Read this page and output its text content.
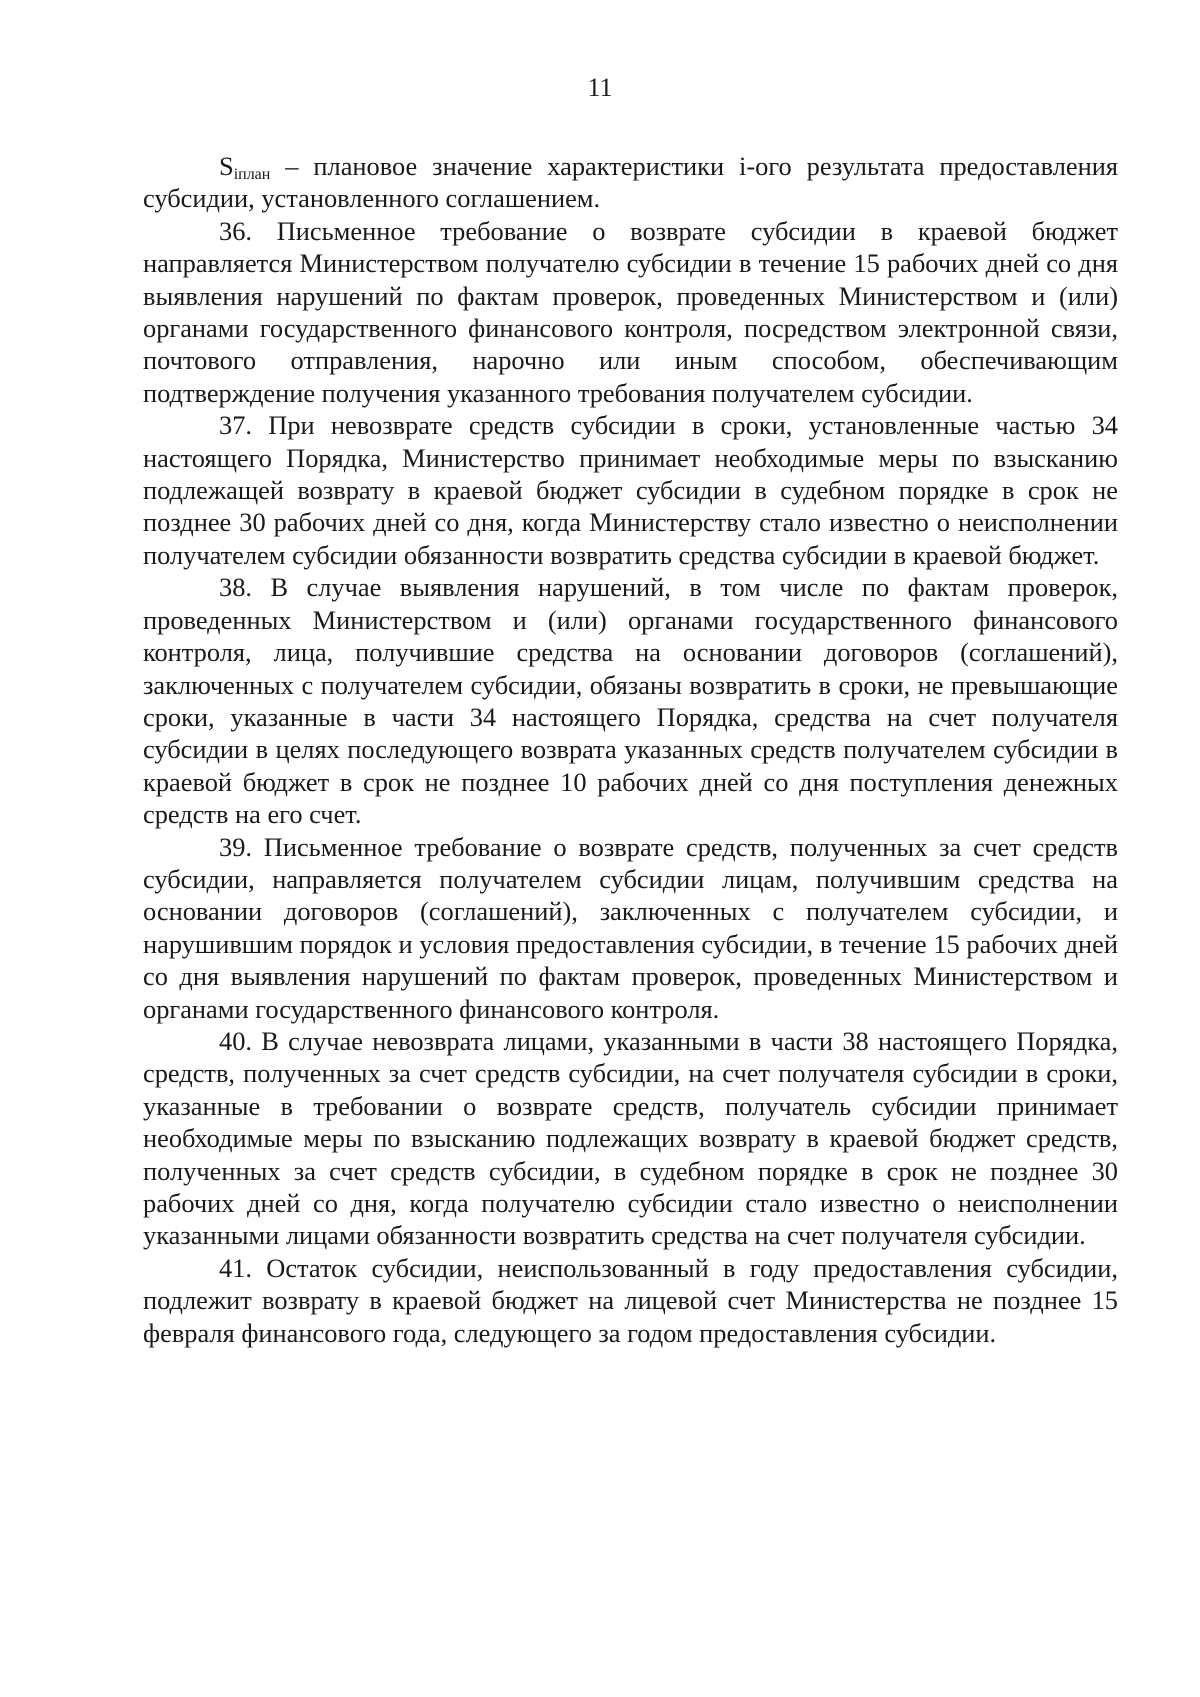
11

$S_{iплан}$ – плановое значение характеристики i-ого результата предоставления субсидии, установленного соглашением.

36. Письменное требование о возврате субсидии в краевой бюджет направляется Министерством получателю субсидии в течение 15 рабочих дней со дня выявления нарушений по фактам проверок, проведенных Министерством и (или) органами государственного финансового контроля, посредством электронной связи, почтового отправления, нарочно или иным способом, обеспечивающим подтверждение получения указанного требования получателем субсидии.

37. При невозврате средств субсидии в сроки, установленные частью 34 настоящего Порядка, Министерство принимает необходимые меры по взысканию подлежащей возврату в краевой бюджет субсидии в судебном порядке в срок не позднее 30 рабочих дней со дня, когда Министерству стало известно о неисполнении получателем субсидии обязанности возвратить средства субсидии в краевой бюджет.

38. В случае выявления нарушений, в том числе по фактам проверок, проведенных Министерством и (или) органами государственного финансового контроля, лица, получившие средства на основании договоров (соглашений), заключенных с получателем субсидии, обязаны возвратить в сроки, не превышающие сроки, указанные в части 34 настоящего Порядка, средства на счет получателя субсидии в целях последующего возврата указанных средств получателем субсидии в краевой бюджет в срок не позднее 10 рабочих дней со дня поступления денежных средств на его счет.

39. Письменное требование о возврате средств, полученных за счет средств субсидии, направляется получателем субсидии лицам, получившим средства на основании договоров (соглашений), заключенных с получателем субсидии, и нарушившим порядок и условия предоставления субсидии, в течение 15 рабочих дней со дня выявления нарушений по фактам проверок, проведенных Министерством и органами государственного финансового контроля.

40. В случае невозврата лицами, указанными в части 38 настоящего Порядка, средств, полученных за счет средств субсидии, на счет получателя субсидии в сроки, указанные в требовании о возврате средств, получатель субсидии принимает необходимые меры по взысканию подлежащих возврату в краевой бюджет средств, полученных за счет средств субсидии, в судебном порядке в срок не позднее 30 рабочих дней со дня, когда получателю субсидии стало известно о неисполнении указанными лицами обязанности возвратить средства на счет получателя субсидии.

41. Остаток субсидии, неиспользованный в году предоставления субсидии, подлежит возврату в краевой бюджет на лицевой счет Министерства не позднее 15 февраля финансового года, следующего за годом предоставления субсидии.
